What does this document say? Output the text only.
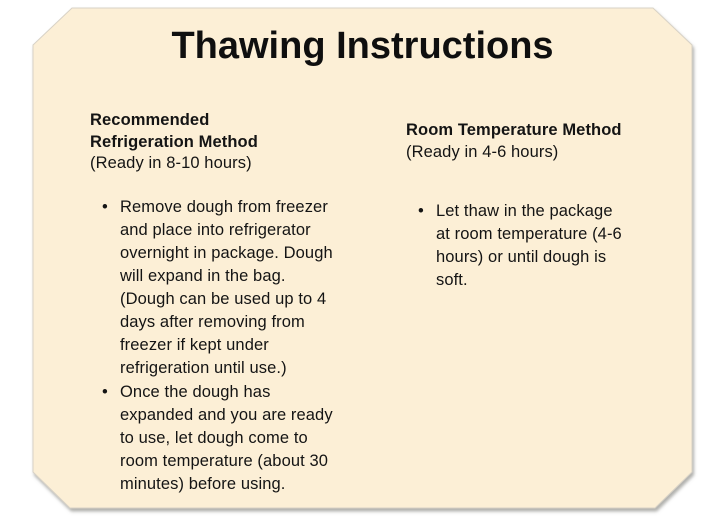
Thawing Instructions
Recommended Refrigeration Method
(Ready in 8-10 hours)
• Remove dough from freezer and place into refrigerator overnight in package. Dough will expand in the bag. (Dough can be used up to 4 days after removing from freezer if kept under refrigeration until use.)
• Once the dough has expanded and you are ready to use, let dough come to room temperature (about 30 minutes) before using.
Room Temperature Method
(Ready in 4-6 hours)
• Let thaw in the package at room temperature (4-6 hours) or until dough is soft.
